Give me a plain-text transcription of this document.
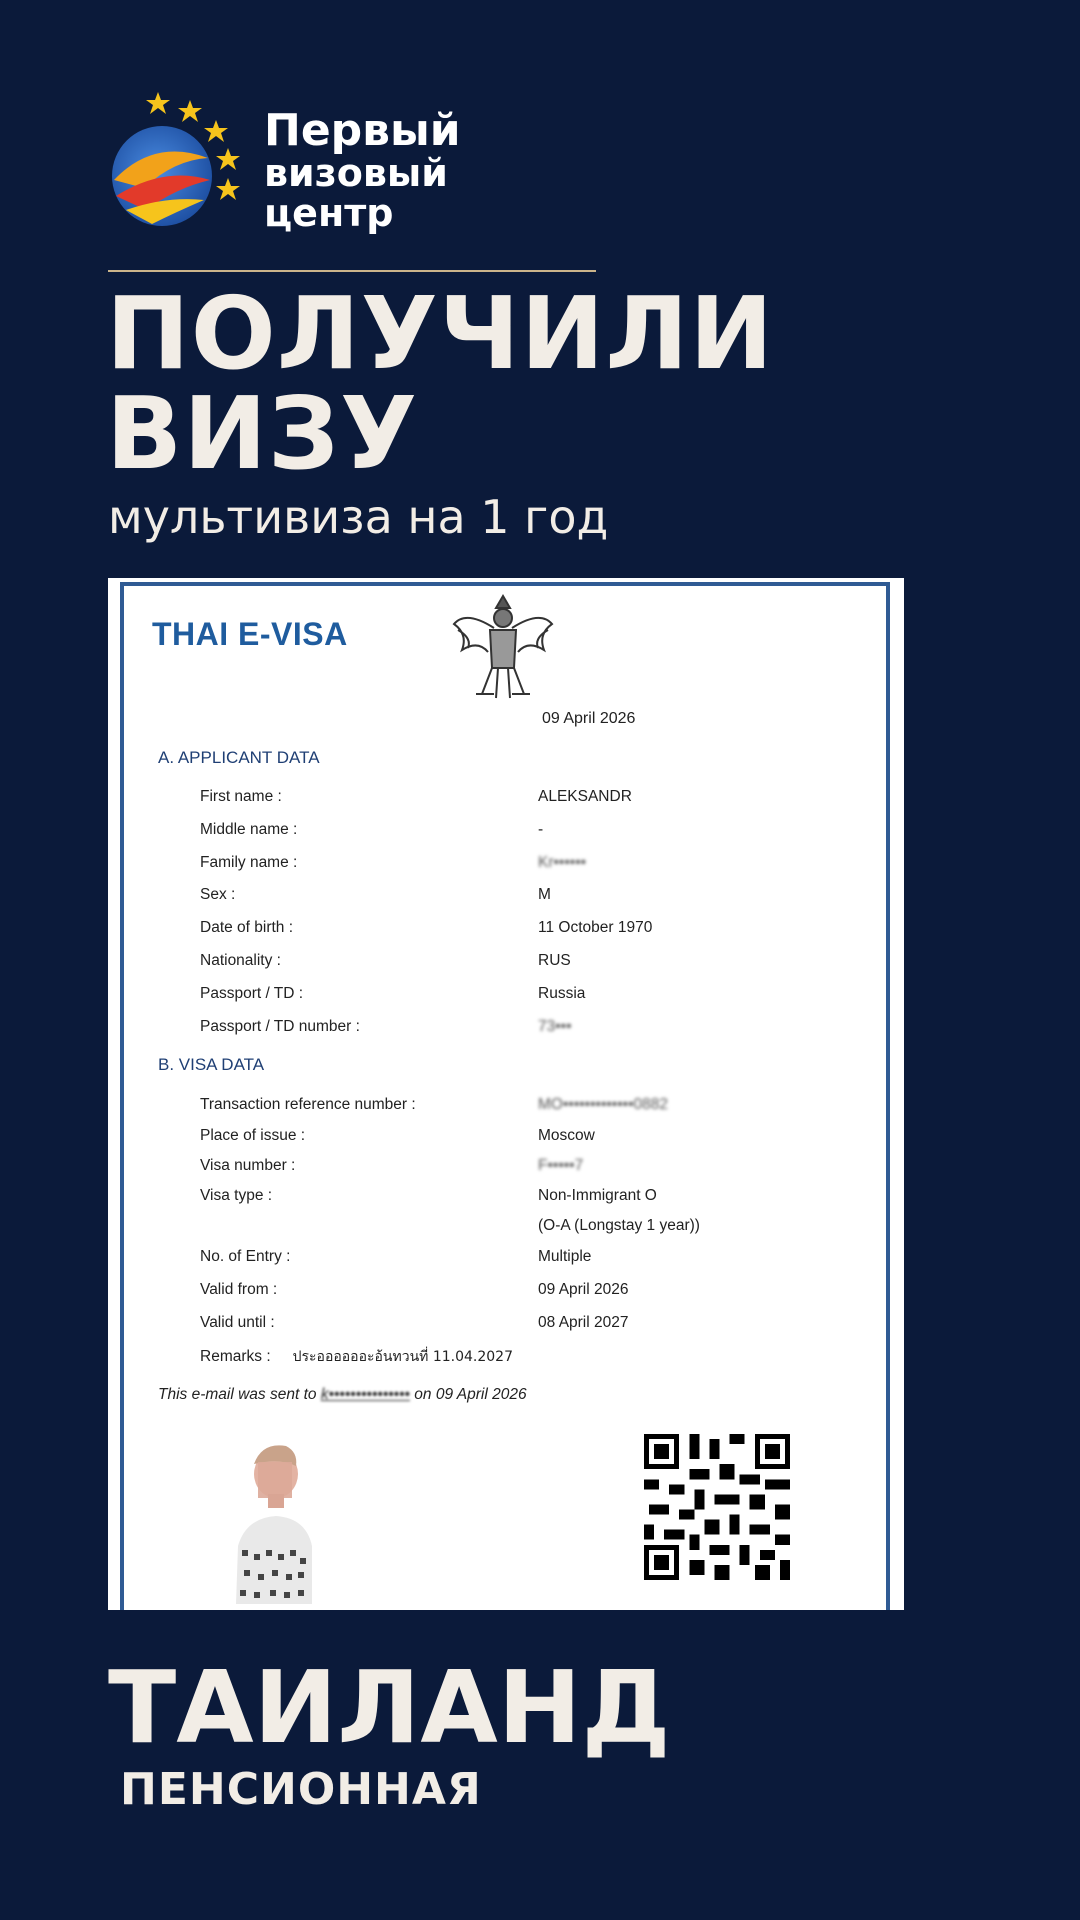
Первый
визовый центр
ПОЛУЧИЛИ
ВИЗУ
мультивиза на 1 год
THAI E-VISA
09 April 2026
A. APPLICANT DATA
First name :	ALEKSANDR
Middle name :	-
Family name :	Kr••••••
Sex :	M
Date of birth :	11 October 1970
Nationality :	RUS
Passport / TD :	Russia
Passport / TD number :	73•••
B. VISA DATA
Transaction reference number :	MO•••••••••••••0882
Place of issue :	Moscow
Visa number :	F•••••7
Visa type :	Non-Immigrant O
(O-A (Longstay 1 year))
No. of Entry :	Multiple
Valid from :	09 April 2026
Valid until :	08 April 2027
Remarks : ประออออออะอ้นทวนที่ 11.04.2027
This e-mail was sent to k••••••••••••••• on 09 April 2026
ТАИЛАНД
ПЕНСИОННАЯ
